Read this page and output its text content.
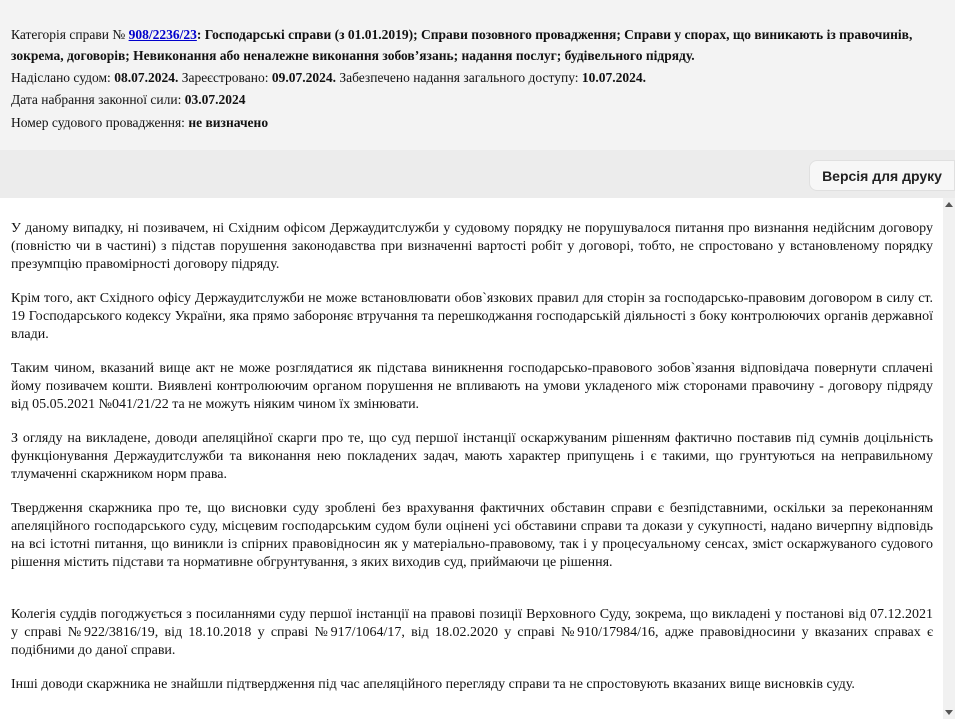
Категорія справи № 908/2236/23: Господарські справи (з 01.01.2019); Справи позовного провадження; Справи у спорах, що виникають із правочинів,
зокрема, договорів; Невиконання або неналежне виконання зобов’язань; надання послуг; будівельного підряду.
Надіслано судом: 08.07.2024. Зареєстровано: 09.07.2024. Забезпечено надання загального доступу: 10.07.2024.
Дата набрання законної сили: 03.07.2024
Номер судового провадження: не визначено
Версія для друку

У даному випадку, ні позивачем, ні Східним офісом Держаудитслужби у судовому порядку не порушувалося питання про визнання недійсним договору (повністю чи в частині) з підстав порушення законодавства при визначенні вартості робіт у договорі, тобто, не спростовано у встановленому порядку презумпцію правомірності договору підряду.

Крім того, акт Східного офісу Держаудитслужби не може встановлювати обов`язкових правил для сторін за господарсько-правовим договором в силу ст. 19 Господарського кодексу України, яка прямо забороняє втручання та перешкоджання господарській діяльності з боку контролюючих органів державної влади.

Таким чином, вказаний вище акт не може розглядатися як підстава виникнення господарсько-правового зобов`язання відповідача повернути сплачені йому позивачем кошти. Виявлені контролюючим органом порушення не впливають на умови укладеного між сторонами правочину - договору підряду від 05.05.2021 №041/21/22 та не можуть ніяким чином їх змінювати.

З огляду на викладене, доводи апеляційної скарги про те, що суд першої інстанції оскаржуваним рішенням фактично поставив під сумнів доцільність функціонування Держаудитслужби та виконання нею покладених задач, мають характер припущень і є такими, що грунтуються на неправильному тлумаченні скаржником норм права.

Твердження скаржника про те, що висновки суду зроблені без врахування фактичних обставин справи є безпідставними, оскільки за переконанням апеляційного господарського суду, місцевим господарським судом були оцінені усі обставини справи та докази у сукупності, надано вичерпну відповідь на всі істотні питання, що виникли із спірних правовідносин як у матеріально-правовому, так і у процесуальному сенсах, зміст оскаржуваного судового рішення містить підстави та нормативне обгрунтування, з яких виходив суд, приймаючи це рішення.

Колегія суддів погоджується з посиланнями суду першої інстанції на правові позиції Верховного Суду, зокрема, що викладені у постанові від 07.12.2021 у справі №922/3816/19, від 18.10.2018 у справі №917/1064/17, від 18.02.2020 у справі №910/17984/16, адже правовідносини у вказаних справах є подібними до даної справи.

Інші доводи скаржника не знайшли підтвердження під час апеляційного перегляду справи та не спростовують вказаних вище висновків суду.
